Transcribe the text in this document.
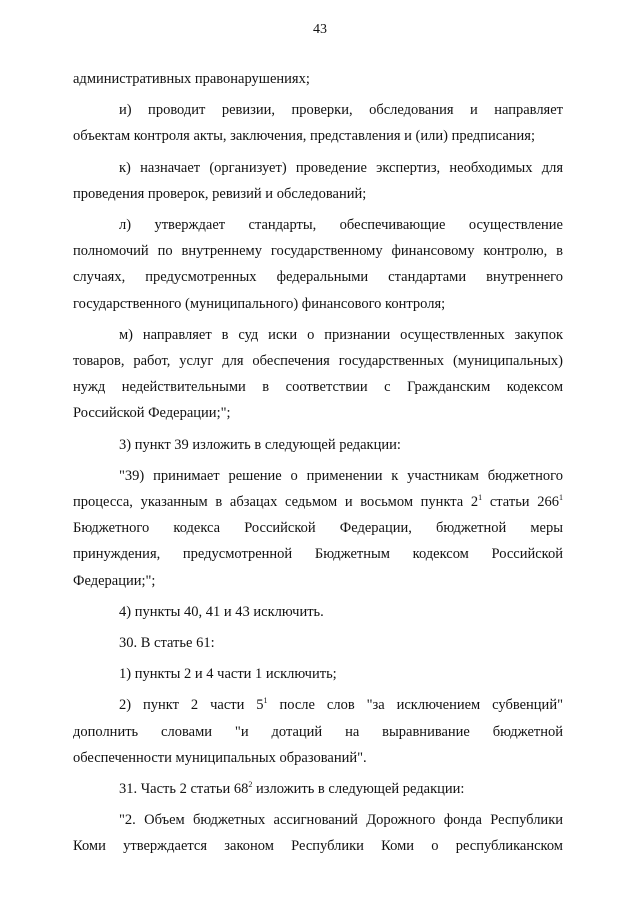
43

административных правонарушениях;

и) проводит ревизии, проверки, обследования и направляет

объектам контроля акты, заключения, представления и (или) предписания;

к) назначает (организует) проведение экспертиз, необходимых для

проведения проверок, ревизий и обследований;

л) утверждает стандарты, обеспечивающие осуществление

полномочий по внутреннему государственному финансовому контролю, в

случаях, предусмотренных федеральными стандартами внутреннего

государственного (муниципального) финансового контроля;

м) направляет в суд иски о признании осуществленных закупок

товаров, работ, услуг для обеспечения государственных (муниципальных)

нужд недействительными в соответствии с Гражданским кодексом

Российской Федерации;";

3) пункт 39 изложить в следующей редакции:

"39) принимает решение о применении к участникам бюджетного

процесса, указанным в абзацах седьмом и восьмом пункта $2^1$ статьи $266^1$

Бюджетного кодекса Российской Федерации, бюджетной меры

принуждения, предусмотренной Бюджетным кодексом Российской

Федерации;";

4) пункты 40, 41 и 43 исключить.

30. В статье 61:

1) пункты 2 и 4 части 1 исключить;

2) пункт 2 части $5^1$ после слов "за исключением субвенций"

дополнить словами "и дотаций на выравнивание бюджетной

обеспеченности муниципальных образований".

31. Часть 2 статьи $68^2$ изложить в следующей редакции:

"2. Объем бюджетных ассигнований Дорожного фонда Республики

Коми утверждается законом Республики Коми о республиканском
